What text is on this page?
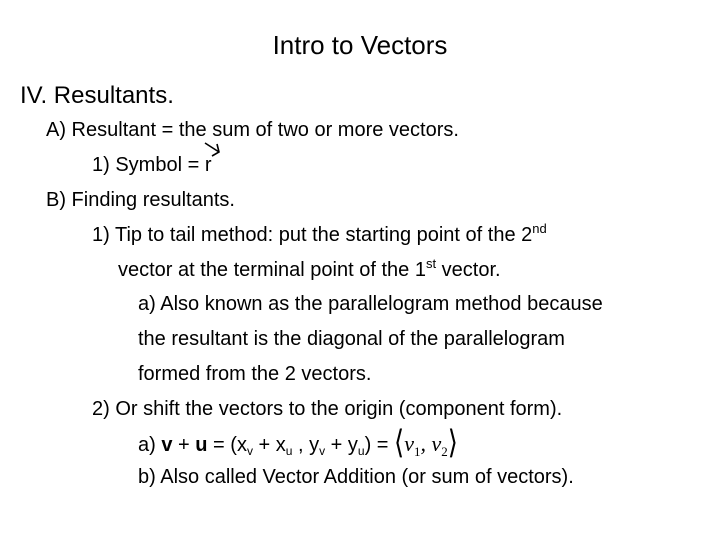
Intro to Vectors
IV. Resultants.
A) Resultant = the sum of two or more vectors.
1) Symbol =
r
B) Finding resultants.
1) Tip to tail method: put the starting point of the 2nd
vector at the terminal point of the 1st vector.
a) Also known as the parallelogram method because
the resultant is the diagonal of the parallelogram
formed from the 2 vectors.
2) Or shift the vectors to the origin (component form).
a) $v + u = (x_v + x_u$ , $y_v + y_u$) = $⟨v_1$, $v_2⟩$
b) Also called Vector Addition (or sum of vectors).
